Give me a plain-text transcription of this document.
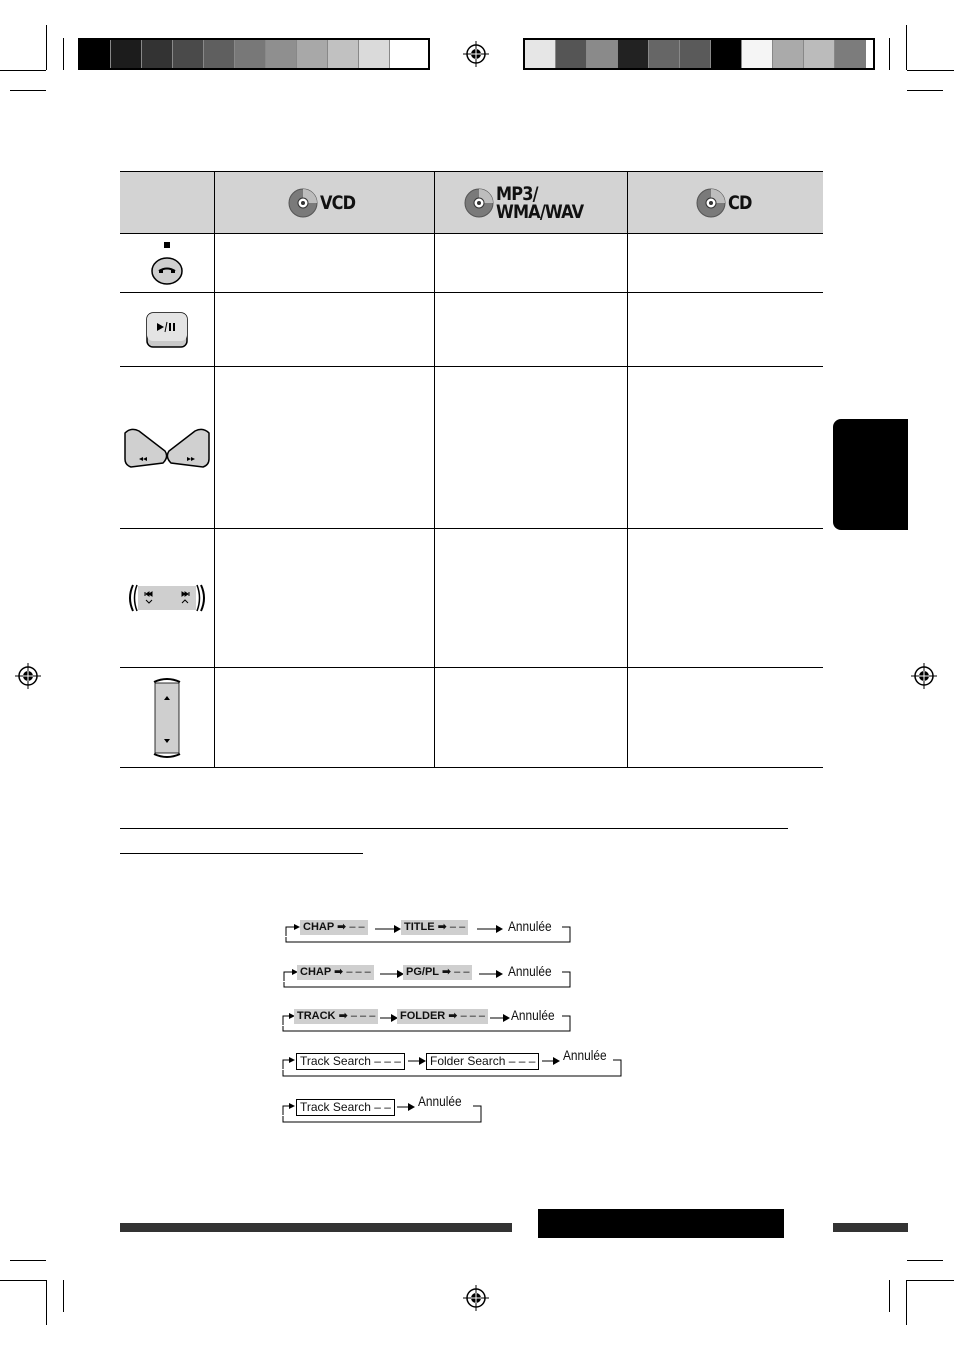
	VCD	MP3/
WMA/WAV	CD

CHAP ➡ – –	TITLE ➡ – –	Annulée
CHAP ➡ – – –	PG/PL ➡ – –	Annulée
TRACK ➡ – – – FOLDER ➡ – – – Annulée
Track Search – – –	Folder Search – – – Annulée
Track Search – – Annulée
